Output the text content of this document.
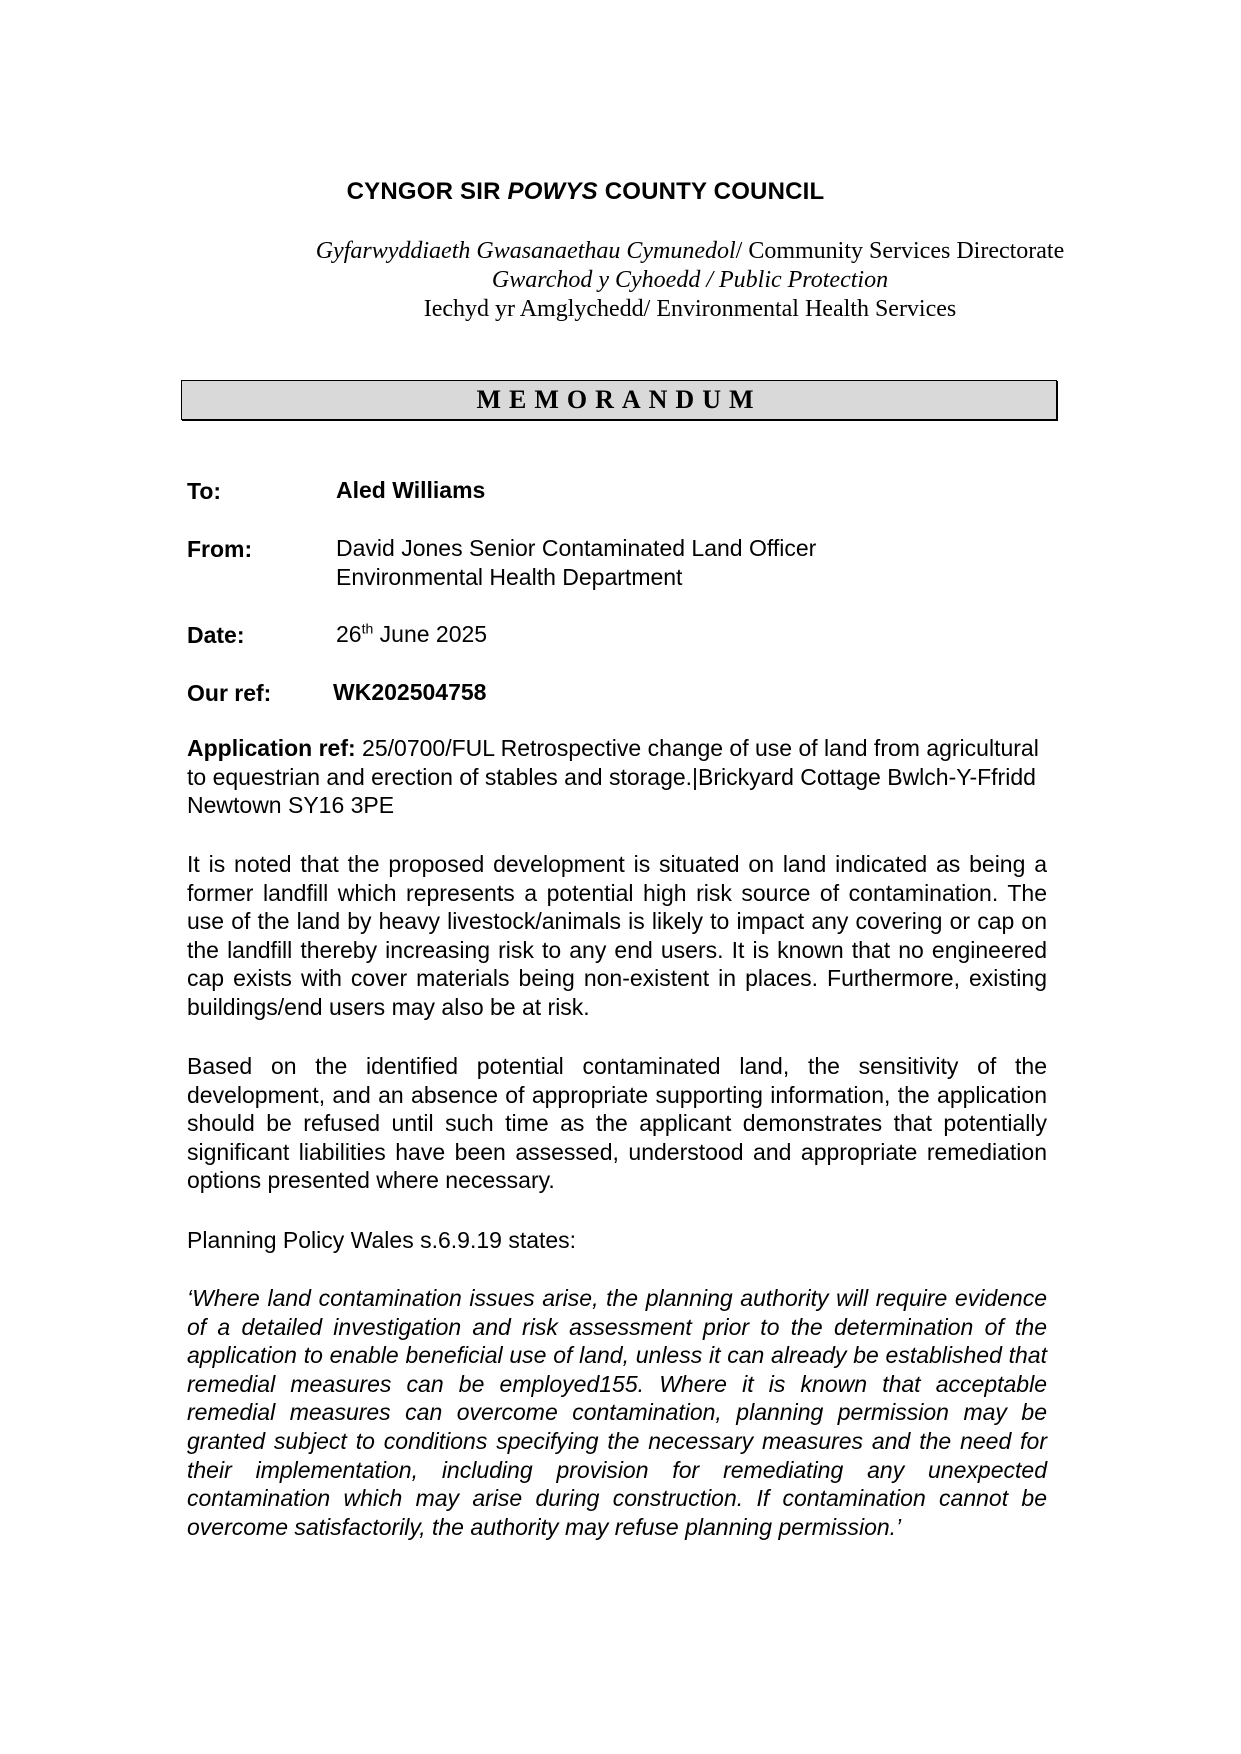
CYNGOR SIR POWYS COUNTY COUNCIL
Gyfarwyddiaeth Gwasanaethau Cymunedol/ Community Services Directorate
Gwarchod y Cyhoedd / Public Protection
Iechyd yr Amglychedd/ Environmental Health Services
MEMORANDUM
To:	Aled Williams
From:	David Jones Senior Contaminated Land Officer
Environmental Health Department
Date:	26th June 2025
Our ref:	WK202504758
Application ref: 25/0700/FUL Retrospective change of use of land from agricultural to equestrian and erection of stables and storage.|Brickyard Cottage Bwlch-Y-Ffridd Newtown SY16 3PE
It is noted that the proposed development is situated on land indicated as being a former landfill which represents a potential high risk source of contamination. The use of the land by heavy livestock/animals is likely to impact any covering or cap on the landfill thereby increasing risk to any end users. It is known that no engineered cap exists with cover materials being non-existent in places. Furthermore, existing buildings/end users may also be at risk.
Based on the identified potential contaminated land, the sensitivity of the development, and an absence of appropriate supporting information, the application should be refused until such time as the applicant demonstrates that potentially significant liabilities have been assessed, understood and appropriate remediation options presented where necessary.
Planning Policy Wales s.6.9.19 states:
‘Where land contamination issues arise, the planning authority will require evidence of a detailed investigation and risk assessment prior to the determination of the application to enable beneficial use of land, unless it can already be established that remedial measures can be employed155. Where it is known that acceptable remedial measures can overcome contamination, planning permission may be granted subject to conditions specifying the necessary measures and the need for their implementation, including provision for remediating any unexpected contamination which may arise during construction. If contamination cannot be overcome satisfactorily, the authority may refuse planning permission.’
